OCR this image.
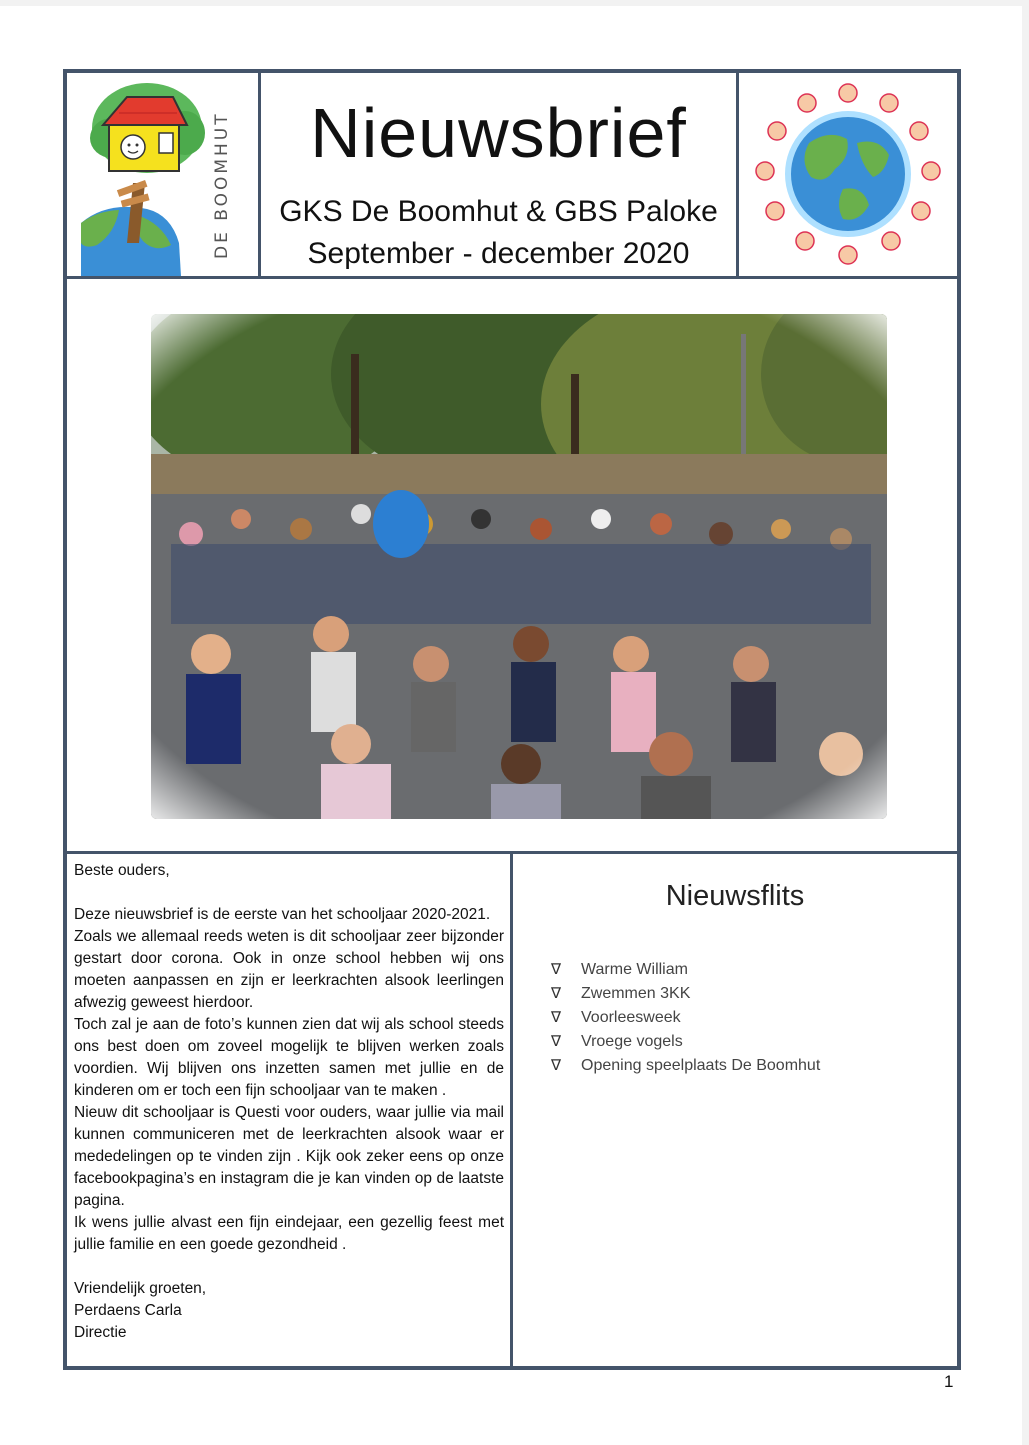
DE BOOMHUT	Nieuwsbrief
GKS De Boomhut & GBS Paloke
September - december 2020

Beste ouders,

Deze nieuwsbrief is de eerste van het schooljaar 2020-2021.

Zoals we allemaal reeds weten is dit schooljaar zeer bijzonder gestart door corona. Ook in onze school hebben wij ons moeten aanpassen en zijn er leerkrachten alsook leerlingen afwezig geweest hierdoor.

Toch zal je aan de foto’s kunnen zien dat wij als school steeds ons best doen om zoveel mogelijk te blijven werken zoals voordien. Wij blijven ons inzetten samen met jullie en de kinderen om er toch een fijn schooljaar van te maken .

Nieuw dit schooljaar is Questi voor ouders, waar jullie via mail kunnen communiceren met de leerkrachten alsook waar er mededelingen op te vinden zijn . Kijk ook zeker eens op onze facebookpagina’s en instagram die je kan vinden op de laatste pagina.

Ik wens jullie alvast een fijn eindejaar, een gezellig feest met jullie familie en een goede gezondheid .

Vriendelijk groeten,

Perdaens Carla

Directie

Nieuwsflits
∇	Warme William
∇	Zwemmen 3KK
∇	Voorleesweek
∇	Vroege vogels
∇	Opening speelplaats De Boomhut
1
